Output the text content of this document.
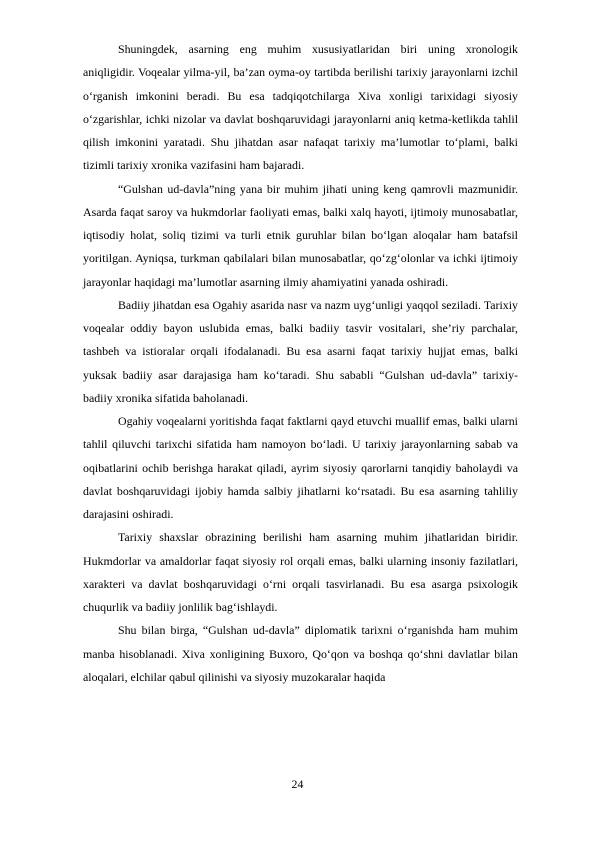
Shuningdek, asarning eng muhim xususiyatlaridan biri uning xronologik aniqligidir. Voqealar yilma-yil, ba’zan oyma-oy tartibda berilishi tarixiy jarayonlarni izchil o‘rganish imkonini beradi. Bu esa tadqiqotchilarga Xiva xonligi tarixidagi siyosiy o‘zgarishlar, ichki nizolar va davlat boshqaruvidagi jarayonlarni aniq ketma-ketlikda tahlil qilish imkonini yaratadi. Shu jihatdan asar nafaqat tarixiy ma’lumotlar to‘plami, balki tizimli tarixiy xronika vazifasini ham bajaradi.

“Gulshan ud-davla”ning yana bir muhim jihati uning keng qamrovli mazmunidir. Asarda faqat saroy va hukmdorlar faoliyati emas, balki xalq hayoti, ijtimoiy munosabatlar, iqtisodiy holat, soliq tizimi va turli etnik guruhlar bilan bo‘lgan aloqalar ham batafsil yoritilgan. Ayniqsa, turkman qabilalari bilan munosabatlar, qo‘zg‘olonlar va ichki ijtimoiy jarayonlar haqidagi ma’lumotlar asarning ilmiy ahamiyatini yanada oshiradi.

Badiiy jihatdan esa Ogahiy asarida nasr va nazm uyg‘unligi yaqqol seziladi. Tarixiy voqealar oddiy bayon uslubida emas, balki badiiy tasvir vositalari, she’riy parchalar, tashbeh va istioralar orqali ifodalanadi. Bu esa asarni faqat tarixiy hujjat emas, balki yuksak badiiy asar darajasiga ham ko‘taradi. Shu sababli “Gulshan ud-davla” tarixiy-badiiy xronika sifatida baholanadi.

Ogahiy voqealarni yoritishda faqat faktlarni qayd etuvchi muallif emas, balki ularni tahlil qiluvchi tarixchi sifatida ham namoyon bo‘ladi. U tarixiy jarayonlarning sabab va oqibatlarini ochib berishga harakat qiladi, ayrim siyosiy qarorlarni tanqidiy baholaydi va davlat boshqaruvidagi ijobiy hamda salbiy jihatlarni ko‘rsatadi. Bu esa asarning tahliliy darajasini oshiradi.

Tarixiy shaxslar obrazining berilishi ham asarning muhim jihatlaridan biridir. Hukmdorlar va amaldorlar faqat siyosiy rol orqali emas, balki ularning insoniy fazilatlari, xarakteri va davlat boshqaruvidagi o‘rni orqali tasvirlanadi. Bu esa asarga psixologik chuqurlik va badiiy jonlilik bag‘ishlaydi.

Shu bilan birga, “Gulshan ud-davla” diplomatik tarixni o‘rganishda ham muhim manba hisoblanadi. Xiva xonligining Buxoro, Qo‘qon va boshqa qo‘shni davlatlar bilan aloqalari, elchilar qabul qilinishi va siyosiy muzokaralar haqida

24
